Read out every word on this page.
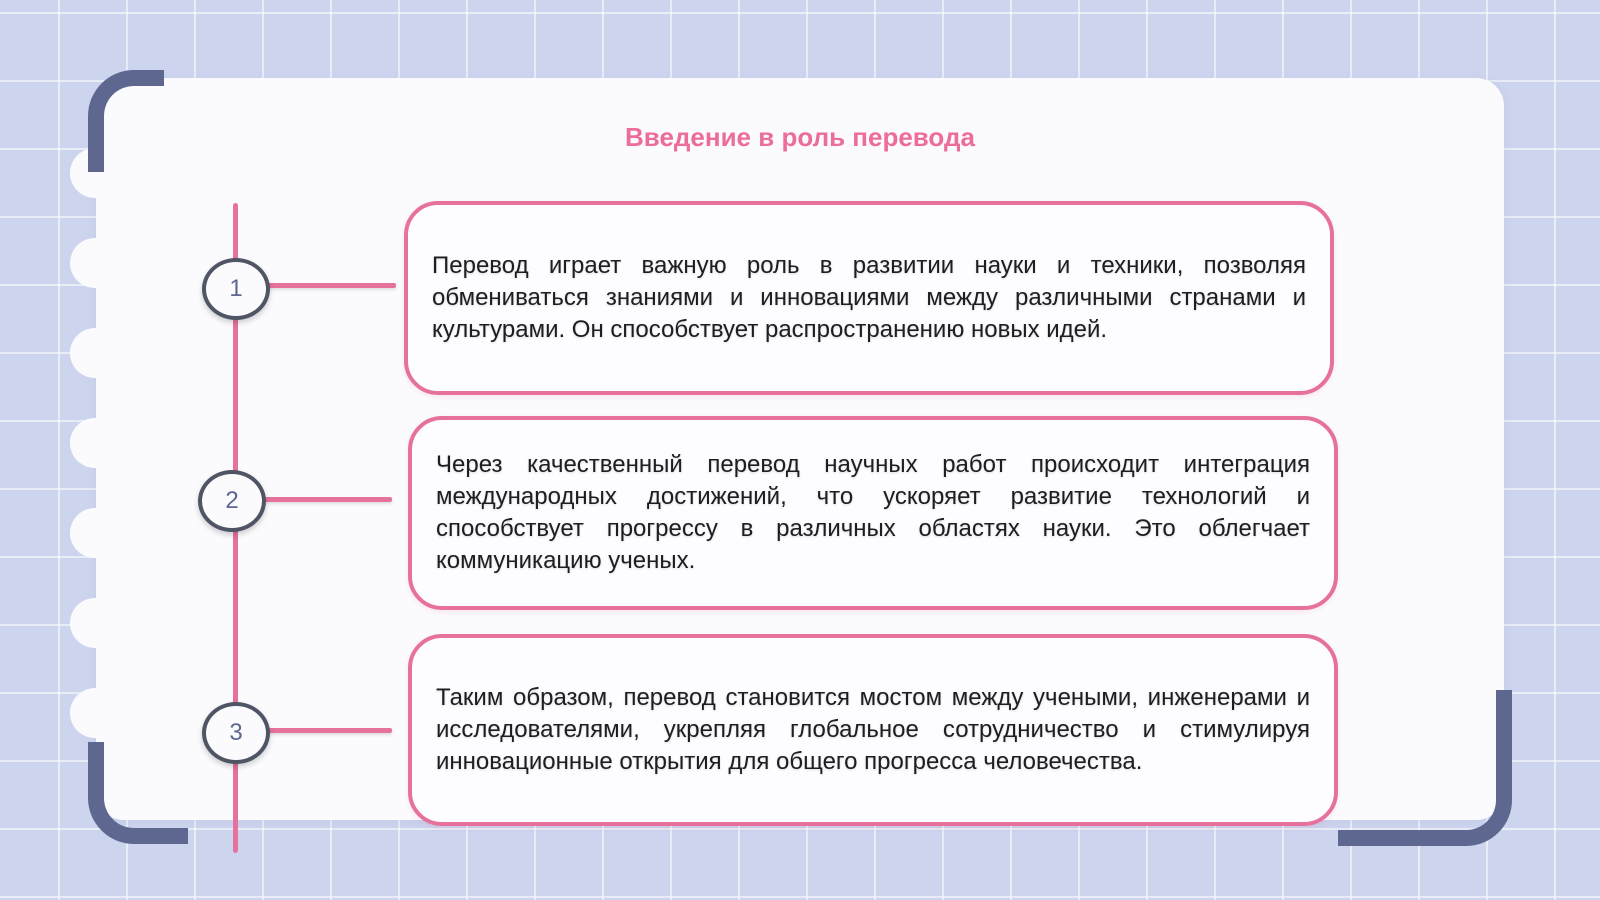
Введение в роль перевода
1

Перевод играет важную роль в развитии науки и техники, позволяя обмениваться знаниями и инновациями между различными странами и культурами. Он способствует распространению новых идей.

2

Через качественный перевод научных работ происходит интеграция международных достижений, что ускоряет развитие технологий и способствует прогрессу в различных областях науки. Это облегчает коммуникацию ученых.

3

Таким образом, перевод становится мостом между учеными, инженерами и исследователями, укрепляя глобальное сотрудничество и стимулируя инновационные открытия для общего прогресса человечества.
